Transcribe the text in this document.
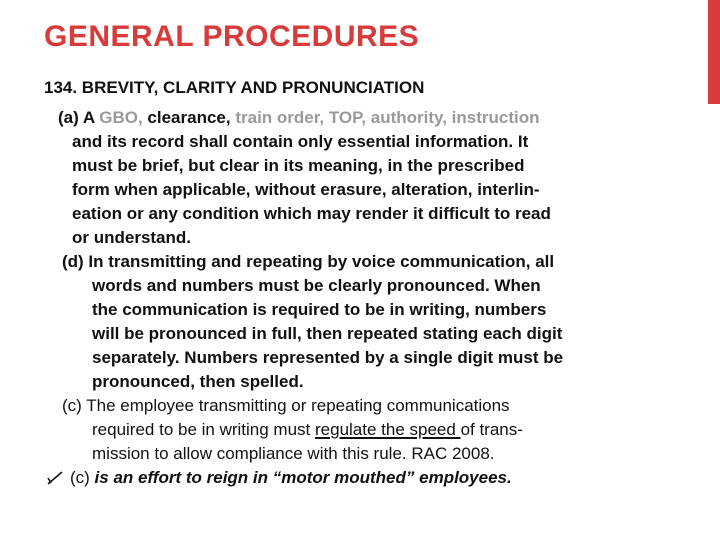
GENERAL PROCEDURES
134. BREVITY, CLARITY AND PRONUNCIATION
(a) A GBO, clearance, train order, TOP, authority, instruction
and its record shall contain only essential information. It
must be brief, but clear in its meaning, in the prescribed
form when applicable, without erasure, alteration, interlin-
eation or any condition which may render it difficult to read
or understand.
(d) In transmitting and repeating by voice communication, all
words and numbers must be clearly pronounced. When
the communication is required to be in writing, numbers
will be pronounced in full, then repeated stating each digit
separately. Numbers represented by a single digit must be
pronounced, then spelled.
(c) The employee transmitting or repeating communications
required to be in writing must regulate the speed of trans-
mission to allow compliance with this rule. RAC 2008.
(c) is an effort to reign in “motor mouthed” employees.
